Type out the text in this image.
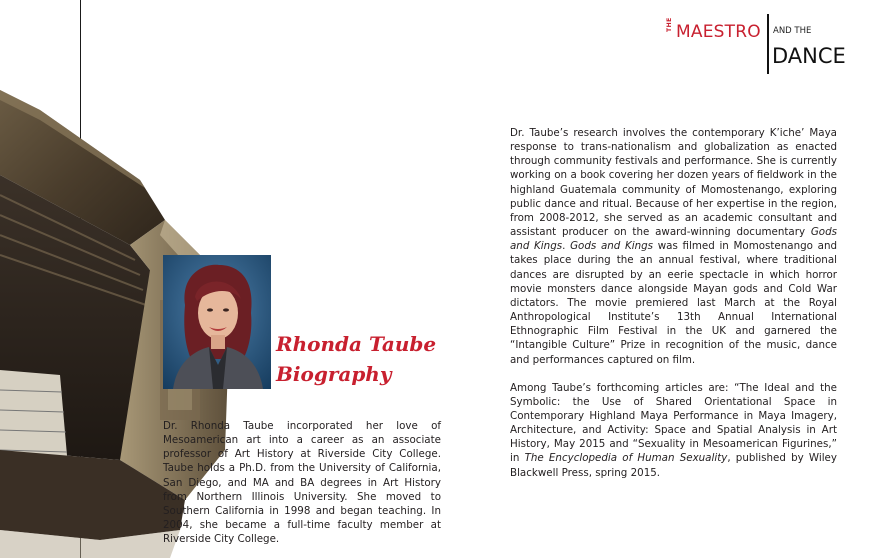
THE MAESTRO AND THE
DANCE
Rhonda Taube
Biography

Dr. Rhonda Taube incorporated her love of Mesoamerican art into a career as an associate professor of Art History at Riverside City College. Taube holds a Ph.D. from the University of California, San Diego, and MA and BA degrees in Art History from Northern Illinois University. She moved to Southern California in 1998 and began teaching. In 2004, she became a full-time faculty member at Riverside City College.

Dr. Taube’s research involves the contemporary K’iche’ Maya response to trans-nationalism and globalization as enacted through community festivals and performance. She is currently working on a book covering her dozen years of fieldwork in the highland Guatemala community of Momostenango, exploring public dance and ritual. Because of her expertise in the region, from 2008-2012, she served as an academic consultant and assistant producer on the award-winning documentary Gods and Kings. Gods and Kings was filmed in Momostenango and takes place during the an annual festival, where traditional dances are disrupted by an eerie spectacle in which horror movie monsters dance alongside Mayan gods and Cold War dictators. The movie premiered last March at the Royal Anthropological Institute’s 13th Annual International Ethnographic Film Festival in the UK and garnered the “Intangible Culture” Prize in recognition of the music, dance and performances captured on film.

Among Taube’s forthcoming articles are: “The Ideal and the Symbolic: the Use of Shared Orientational Space in Contemporary Highland Maya Performance in Maya Imagery, Architecture, and Activity: Space and Spatial Analysis in Art History, May 2015 and “Sexuality in Mesoamerican Figurines,” in The Encyclopedia of Human Sexuality, published by Wiley Blackwell Press, spring 2015.
